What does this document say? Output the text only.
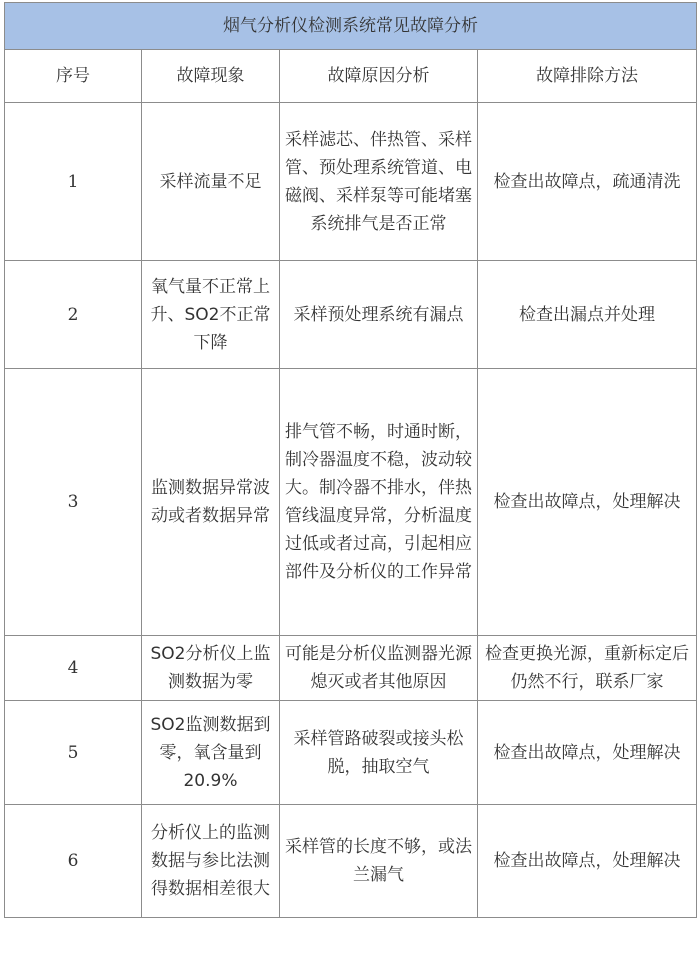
烟气分析仪检测系统常见故障分析			
序号	故障现象	故障原因分析	故障排除方法
1	采样流量不足	采样滤芯、伴热管、采样管、预处理系统管道、电磁阀、采样泵等可能堵塞系统排气是否正常	检查出故障点，疏通清洗
2	氧气量不正常上升、SO2不正常下降	采样预处理系统有漏点	检查出漏点并处理
3	监测数据异常波动或者数据异常	排气管不畅，时通时断，制冷器温度不稳，波动较大。制冷器不排水，伴热管线温度异常，分析温度过低或者过高，引起相应部件及分析仪的工作异常	检查出故障点，处理解决
4	SO2分析仪上监测数据为零	可能是分析仪监测器光源熄灭或者其他原因	检查更换光源，重新标定后仍然不行，联系厂家
5	SO2监测数据到零，氧含量到20.9%	采样管路破裂或接头松脱，抽取空气	检查出故障点，处理解决
6	分析仪上的监测数据与参比法测得数据相差很大	采样管的长度不够，或法兰漏气	检查出故障点，处理解决
